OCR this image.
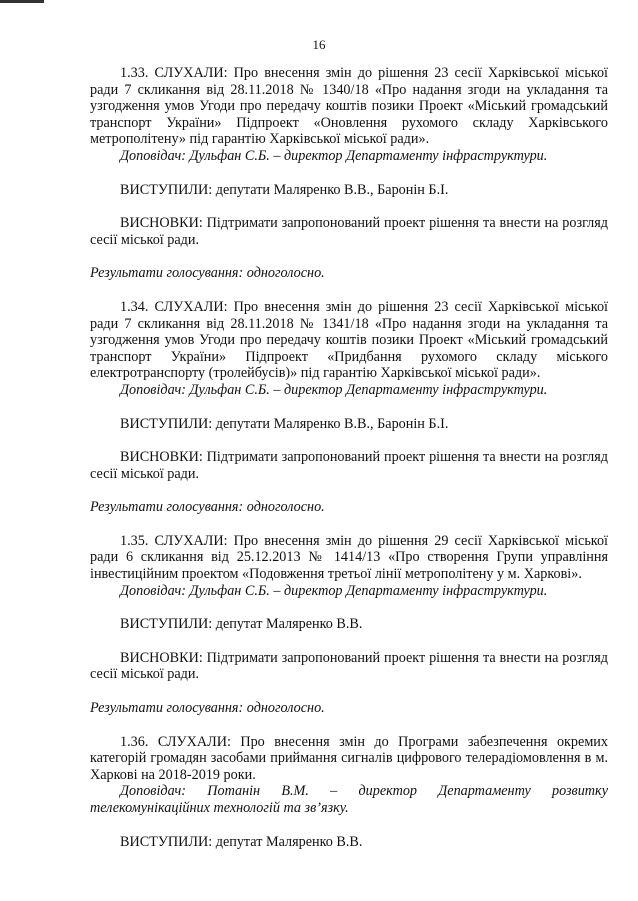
16

1.33. СЛУХАЛИ: Про внесення змін до рішення 23 сесії Харківської міської ради 7 скликання від 28.11.2018 № 1340/18 «Про надання згоди на укладання та узгодження умов Угоди про передачу коштів позики Проект «Міський громадський транспорт України» Підпроект «Оновлення рухомого складу Харківського метрополітену» під гарантію Харківської міської ради».

Доповідач: Дульфан С.Б. – директор Департаменту інфраструктури.

ВИСТУПИЛИ: депутати Маляренко В.В., Баронін Б.І.

ВИСНОВКИ: Підтримати запропонований проект рішення та внести на розгляд сесії міської ради.

Результати голосування: одноголосно.

1.34. СЛУХАЛИ: Про внесення змін до рішення 23 сесії Харківської міської ради 7 скликання від 28.11.2018 № 1341/18 «Про надання згоди на укладання та узгодження умов Угоди про передачу коштів позики Проект «Міський громадський транспорт України» Підпроект «Придбання рухомого складу міського електротранспорту (тролейбусів)» під гарантію Харківської міської ради».

Доповідач: Дульфан С.Б. – директор Департаменту інфраструктури.

ВИСТУПИЛИ: депутати Маляренко В.В., Баронін Б.І.

ВИСНОВКИ: Підтримати запропонований проект рішення та внести на розгляд сесії міської ради.

Результати голосування: одноголосно.

1.35. СЛУХАЛИ: Про внесення змін до рішення 29 сесії Харківської міської ради 6 скликання від 25.12.2013 № 1414/13 «Про створення Групи управління інвестиційним проектом «Подовження третьої лінії метрополітену у м. Харкові».

Доповідач: Дульфан С.Б. – директор Департаменту інфраструктури.

ВИСТУПИЛИ: депутат Маляренко В.В.

ВИСНОВКИ: Підтримати запропонований проект рішення та внести на розгляд сесії міської ради.

Результати голосування: одноголосно.

1.36. СЛУХАЛИ: Про внесення змін до Програми забезпечення окремих категорій громадян засобами приймання сигналів цифрового телерадіомовлення в м. Харкові на 2018-2019 роки.

Доповідач: Потанін В.М. – директор Департаменту розвитку телекомунікаційних технологій та зв’язку.

ВИСТУПИЛИ: депутат Маляренко В.В.
